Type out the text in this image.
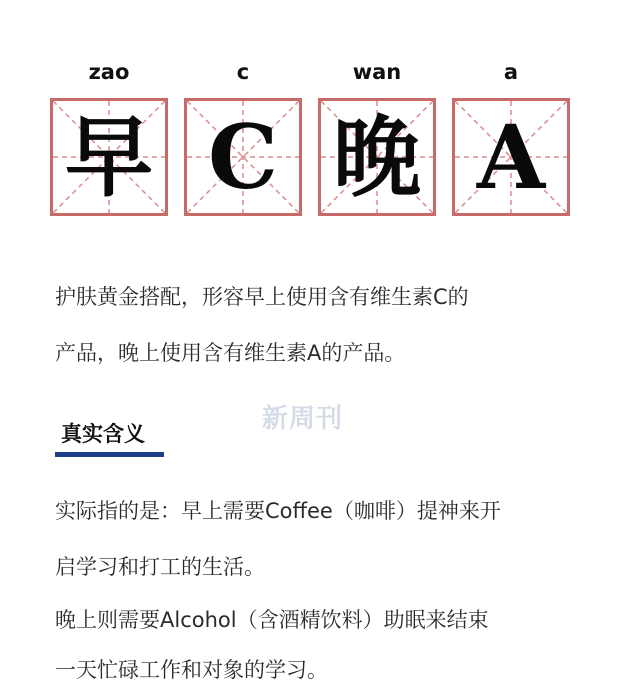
zao	c	wan	a
早 C 晚 A
护肤黄金搭配，形容早上使用含有维生素C的
产品，晚上使用含有维生素A的产品。
新周刊
真实含义
实际指的是：早上需要Coffee（咖啡）提神来开
启学习和打工的生活。
晚上则需要Alcohol（含酒精饮料）助眠来结束
一天忙碌工作和对象的学习。
